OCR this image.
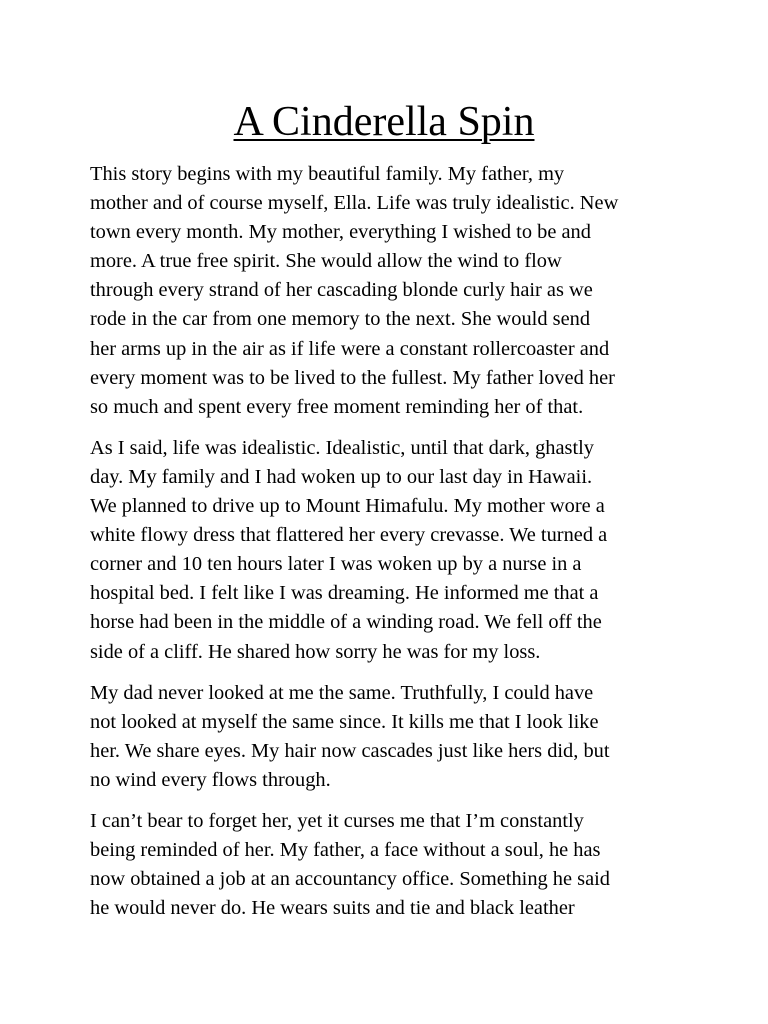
A Cinderella Spin

This story begins with my beautiful family. My father, my
mother and of course myself, Ella. Life was truly idealistic. New
town every month. My mother, everything I wished to be and
more. A true free spirit. She would allow the wind to flow
through every strand of her cascading blonde curly hair as we
rode in the car from one memory to the next. She would send
her arms up in the air as if life were a constant rollercoaster and
every moment was to be lived to the fullest. My father loved her
so much and spent every free moment reminding her of that.

As I said, life was idealistic. Idealistic, until that dark, ghastly
day. My family and I had woken up to our last day in Hawaii.
We planned to drive up to Mount Himafulu. My mother wore a
white flowy dress that flattered her every crevasse. We turned a
corner and 10 ten hours later I was woken up by a nurse in a
hospital bed. I felt like I was dreaming. He informed me that a
horse had been in the middle of a winding road. We fell off the
side of a cliff. He shared how sorry he was for my loss.

My dad never looked at me the same. Truthfully, I could have
not looked at myself the same since. It kills me that I look like
her. We share eyes. My hair now cascades just like hers did, but
no wind every flows through.

I can’t bear to forget her, yet it curses me that I’m constantly
being reminded of her. My father, a face without a soul, he has
now obtained a job at an accountancy office. Something he said
he would never do. He wears suits and tie and black leather
